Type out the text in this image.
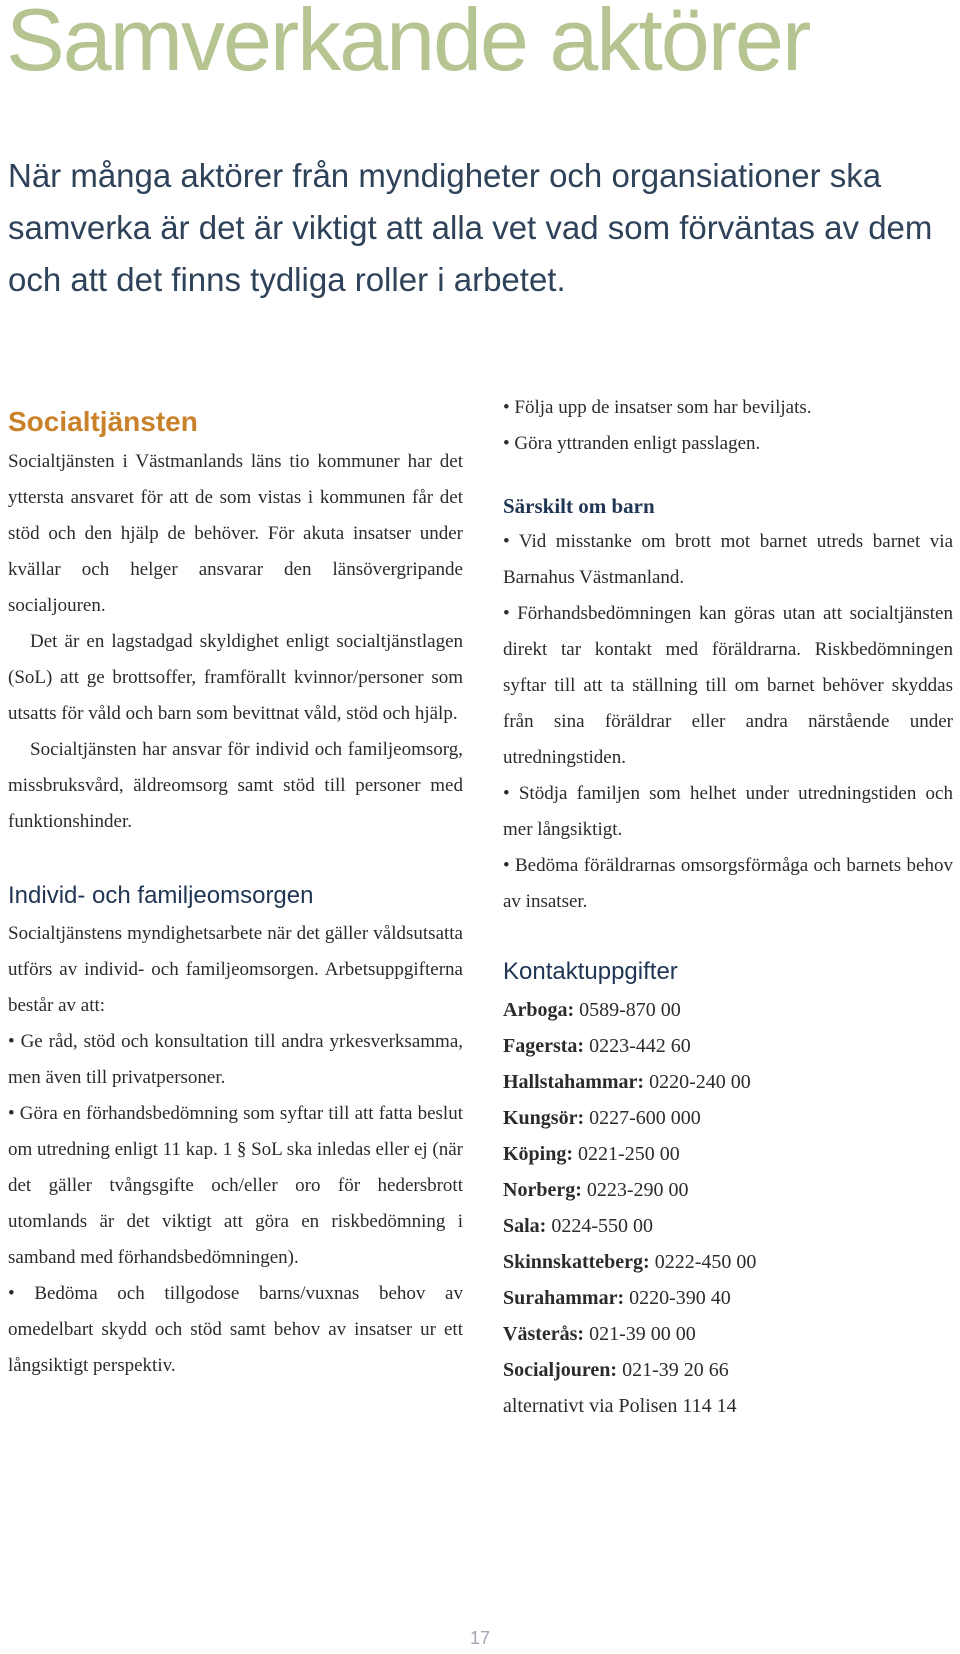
Samverkande aktörer

När många aktörer från myndigheter och organsiationer ska samverka är det är viktigt att alla vet vad som förväntas av dem och att det finns tydliga roller i arbetet.

Socialtjänsten

Socialtjänsten i Västmanlands läns tio kommuner har det yttersta ansvaret för att de som vistas i kommunen får det stöd och den hjälp de behöver. För akuta insatser under kvällar och helger ansvarar den länsövergripande socialjouren.

Det är en lagstadgad skyldighet enligt socialtjänstlagen (SoL) att ge brottsoffer, framförallt kvinnor/personer som utsatts för våld och barn som bevittnat våld, stöd och hjälp.

Socialtjänsten har ansvar för individ och familjeomsorg, missbruksvård, äldreomsorg samt stöd till personer med funktionshinder.

Individ- och familjeomsorgen

Socialtjänstens myndighetsarbete när det gäller våldsutsatta utförs av individ- och familjeomsorgen. Arbetsuppgifterna består av att:

• Ge råd, stöd och konsultation till andra yrkesverksamma, men även till privatpersoner.

• Göra en förhandsbedömning som syftar till att fatta beslut om utredning enligt 11 kap. 1 § SoL ska inledas eller ej (när det gäller tvångsgifte och/eller oro för hedersbrott utomlands är det viktigt att göra en riskbedömning i samband med förhandsbedömningen).

• Bedöma och tillgodose barns/vuxnas behov av omedelbart skydd och stöd samt behov av insatser ur ett långsiktigt perspektiv.

• Följa upp de insatser som har beviljats.

• Göra yttranden enligt passlagen.

Särskilt om barn

• Vid misstanke om brott mot barnet utreds barnet via Barnahus Västmanland.

• Förhandsbedömningen kan göras utan att socialtjänsten direkt tar kontakt med föräldrarna. Riskbedömningen syftar till att ta ställning till om barnet behöver skyddas från sina föräldrar eller andra närstående under utredningstiden.

• Stödja familjen som helhet under utredningstiden och mer långsiktigt.

• Bedöma föräldrarnas omsorgsförmåga och barnets behov av insatser.

Kontaktuppgifter

Arboga: 0589-870 00

Fagersta: 0223-442 60

Hallstahammar: 0220-240 00

Kungsör: 0227-600 000

Köping: 0221-250 00

Norberg: 0223-290 00

Sala: 0224-550 00

Skinnskatteberg: 0222-450 00

Surahammar: 0220-390 40

Västerås: 021-39 00 00

Socialjouren: 021-39 20 66

alternativt via Polisen 114 14

17
